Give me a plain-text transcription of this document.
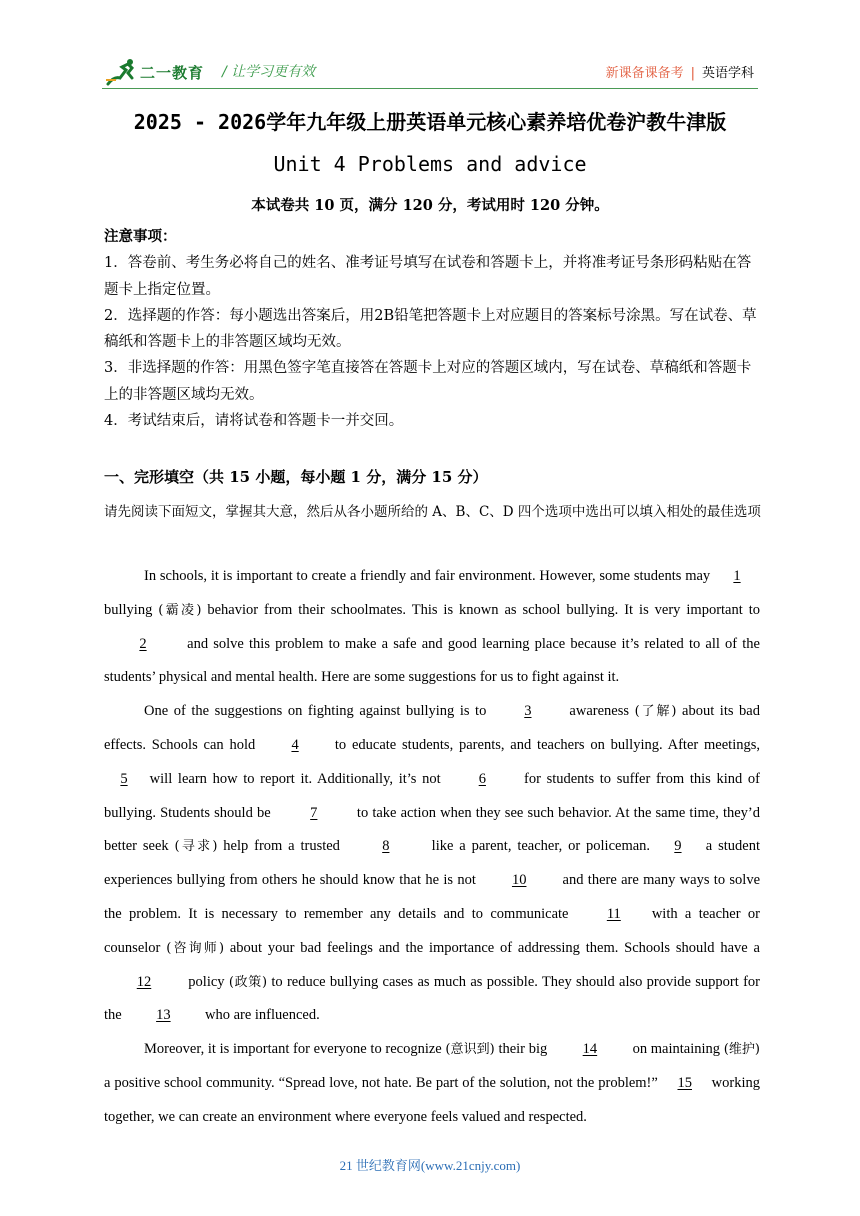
二一教育 / 让学习更有效	新课备课备考 | 英语学科
2025 - 2026学年九年级上册英语单元核心素养培优卷沪教牛津版
Unit 4 Problems and advice
本试卷共 10 页，满分 120 分，考试用时 120 分钟。

注意事项：

1．答卷前、考生务必将自己的姓名、准考证号填写在试卷和答题卡上，并将准考证号条形码粘贴在答题卡上指定位置。

2．选择题的作答：每小题选出答案后，用2B铅笔把答题卡上对应题目的答案标号涂黑。写在试卷、草稿纸和答题卡上的非答题区域均无效。

3．非选择题的作答：用黑色签字笔直接答在答题卡上对应的答题区域内，写在试卷、草稿纸和答题卡上的非答题区域均无效。

4．考试结束后，请将试卷和答题卡一并交回。

一、完形填空（共 15 小题，每小题 1 分，满分 15 分）
请先阅读下面短文，掌握其大意，然后从各小题所给的 A、B、C、D 四个选项中选出可以填入相处的最佳选项

In schools, it is important to create a friendly and fair environment. However, some students may 1 bullying (霸凌) behavior from their schoolmates. This is known as school bullying. It is very important to 2 and solve this problem to make a safe and good learning place because it’s related to all of the students’ physical and mental health. Here are some suggestions for us to fight against it.

One of the suggestions on fighting against bullying is to 3 awareness (了解) about its bad effects. Schools can hold 4 to educate students, parents, and teachers on bullying. After meetings, 5 will learn how to report it. Additionally, it’s not 6 for students to suffer from this kind of bullying. Students should be 7 to take action when they see such behavior. At the same time, they’d better seek (寻求) help from a trusted	8	like a parent, teacher, or policeman. 9 a student experiences bullying from others he should know that he is not 10 and there are many ways to solve the problem. It is necessary to remember any details and to communicate 11 with a teacher or counselor (咨询师) about your bad feelings and the importance of addressing them. Schools should have a 12 policy (政策) to reduce bullying cases as much as possible. They should also provide support for the 13 who are influenced.

Moreover, it is important for everyone to recognize (意识到) their big 14 on maintaining (维护) a positive school community. “Spread love, not hate. Be part of the solution, not the problem!” 15 working together, we can create an environment where everyone feels valued and respected.

21 世纪教育网(www.21cnjy.com)
